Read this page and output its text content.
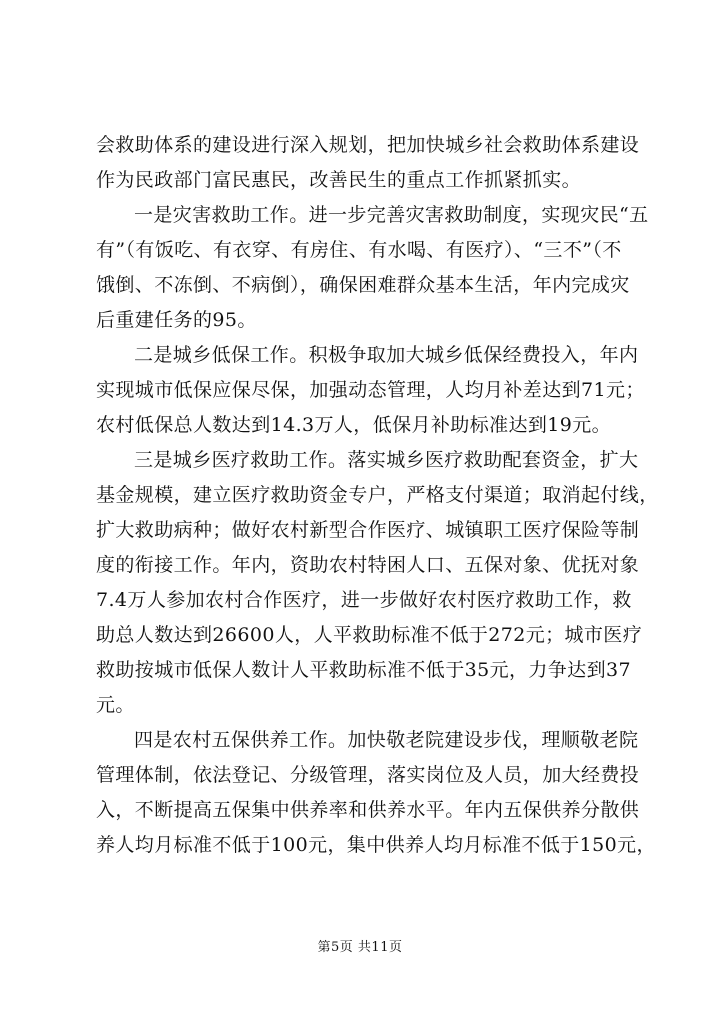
会救助体系的建设进行深入规划，把加快城乡社会救助体系建设
作为民政部门富民惠民，改善民生的重点工作抓紧抓实。
一是灾害救助工作。进一步完善灾害救助制度，实现灾民“五
有”（有饭吃、有衣穿、有房住、有水喝、有医疗）、“三不”（不
饿倒、不冻倒、不病倒），确保困难群众基本生活，年内完成灾
后重建任务的95。
二是城乡低保工作。积极争取加大城乡低保经费投入，年内
实现城市低保应保尽保，加强动态管理，人均月补差达到71元；
农村低保总人数达到14.3万人，低保月补助标准达到19元。
三是城乡医疗救助工作。落实城乡医疗救助配套资金，扩大
基金规模，建立医疗救助资金专户，严格支付渠道；取消起付线，
扩大救助病种；做好农村新型合作医疗、城镇职工医疗保险等制
度的衔接工作。年内，资助农村特困人口、五保对象、优抚对象
7.4万人参加农村合作医疗，进一步做好农村医疗救助工作，救
助总人数达到26600人，人平救助标准不低于272元；城市医疗
救助按城市低保人数计人平救助标准不低于35元，力争达到37
元。
四是农村五保供养工作。加快敬老院建设步伐，理顺敬老院
管理体制，依法登记、分级管理，落实岗位及人员，加大经费投
入，不断提高五保集中供养率和供养水平。年内五保供养分散供
养人均月标准不低于100元，集中供养人均月标准不低于150元，
第5页 共11页
